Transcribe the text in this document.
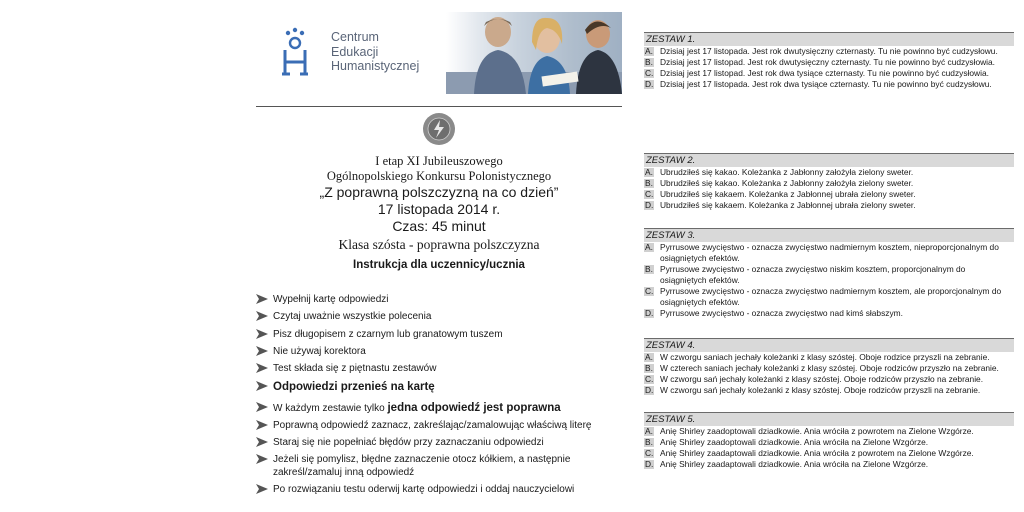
Centrum
Edukacji
Humanistycznej
I etap XI Jubileuszowego
Ogólnopolskiego Konkursu Polonistycznego
„Z poprawną polszczyzną na co dzień”
17 listopada 2014 r.
Czas: 45 minut
Klasa szósta - poprawna polszczyzna
Instrukcja dla uczennicy/ucznia
Wypełnij kartę odpowiedzi
Czytaj uważnie wszystkie polecenia
Pisz długopisem z czarnym lub granatowym tuszem
Nie używaj korektora
Test składa się z piętnastu zestawów
Odpowiedzi przenieś na kartę
W każdym zestawie tylko jedna odpowiedź jest poprawna
Poprawną odpowiedź zaznacz, zakreślając/zamalowując właściwą literę
Staraj się nie popełniać błędów przy zaznaczaniu odpowiedzi
Jeżeli się pomylisz, błędne zaznaczenie otocz kółkiem, a następnie zakreśl/zamaluj inną odpowiedź
Po rozwiązaniu testu oderwij kartę odpowiedzi i oddaj nauczycielowi
ZESTAW 1.
A. Dzisiaj jest 17 listopada. Jest rok dwutysięczny czternasty. Tu nie powinno być cudzysłowu.
B. Dzisiaj jest 17 listopad. Jest rok dwutysięczny czternasty. Tu nie powinno być cudzysłowia.
C. Dzisiaj jest 17 listopad. Jest rok dwa tysiące czternasty. Tu nie powinno być cudzysłowia.
D. Dzisiaj jest 17 listopada. Jest rok dwa tysiące czternasty. Tu nie powinno być cudzysłowu.
ZESTAW 2.
A. Ubrudziłeś się kakao. Koleżanka z Jabłonny założyła zielony sweter.
B. Ubrudziłeś się kakao. Koleżanka z Jabłonny założyła zielony sweter.
C. Ubrudziłeś się kakaem. Koleżanka z Jabłonnej ubrała zielony sweter.
D. Ubrudziłeś się kakaem. Koleżanka z Jabłonnej ubrała zielony sweter.
ZESTAW 3.
A. Pyrrusowe zwycięstwo - oznacza zwycięstwo nadmiernym kosztem, nieproporcjonalnym do osiągniętych efektów.
B. Pyrrusowe zwycięstwo - oznacza zwycięstwo niskim kosztem, proporcjonalnym do osiągniętych efektów.
C. Pyrrusowe zwycięstwo - oznacza zwycięstwo nadmiernym kosztem, ale proporcjonalnym do osiągniętych efektów.
D. Pyrrusowe zwycięstwo - oznacza zwycięstwo nad kimś słabszym.
ZESTAW 4.
A. W czworgu saniach jechały koleżanki z klasy szóstej. Oboje rodzice przyszli na zebranie.
B. W czterech saniach jechały koleżanki z klasy szóstej. Oboje rodziców przyszło na zebranie.
C. W czworgu sań jechały koleżanki z klasy szóstej. Oboje rodziców przyszło na zebranie.
D. W czworgu sań jechały koleżanki z klasy szóstej. Oboje rodziców przyszli na zebranie.
ZESTAW 5.
A. Anię Shirley zaadoptowali dziadkowie. Ania wróciła z powrotem na Zielone Wzgórze.
B. Anię Shirley zaadoptowali dziadkowie. Ania wróciła na Zielone Wzgórze.
C. Anię Shirley zaadaptowali dziadkowie. Ania wróciła z powrotem na Zielone Wzgórze.
D. Anię Shirley zaadaptowali dziadkowie. Ania wróciła na Zielone Wzgórze.
